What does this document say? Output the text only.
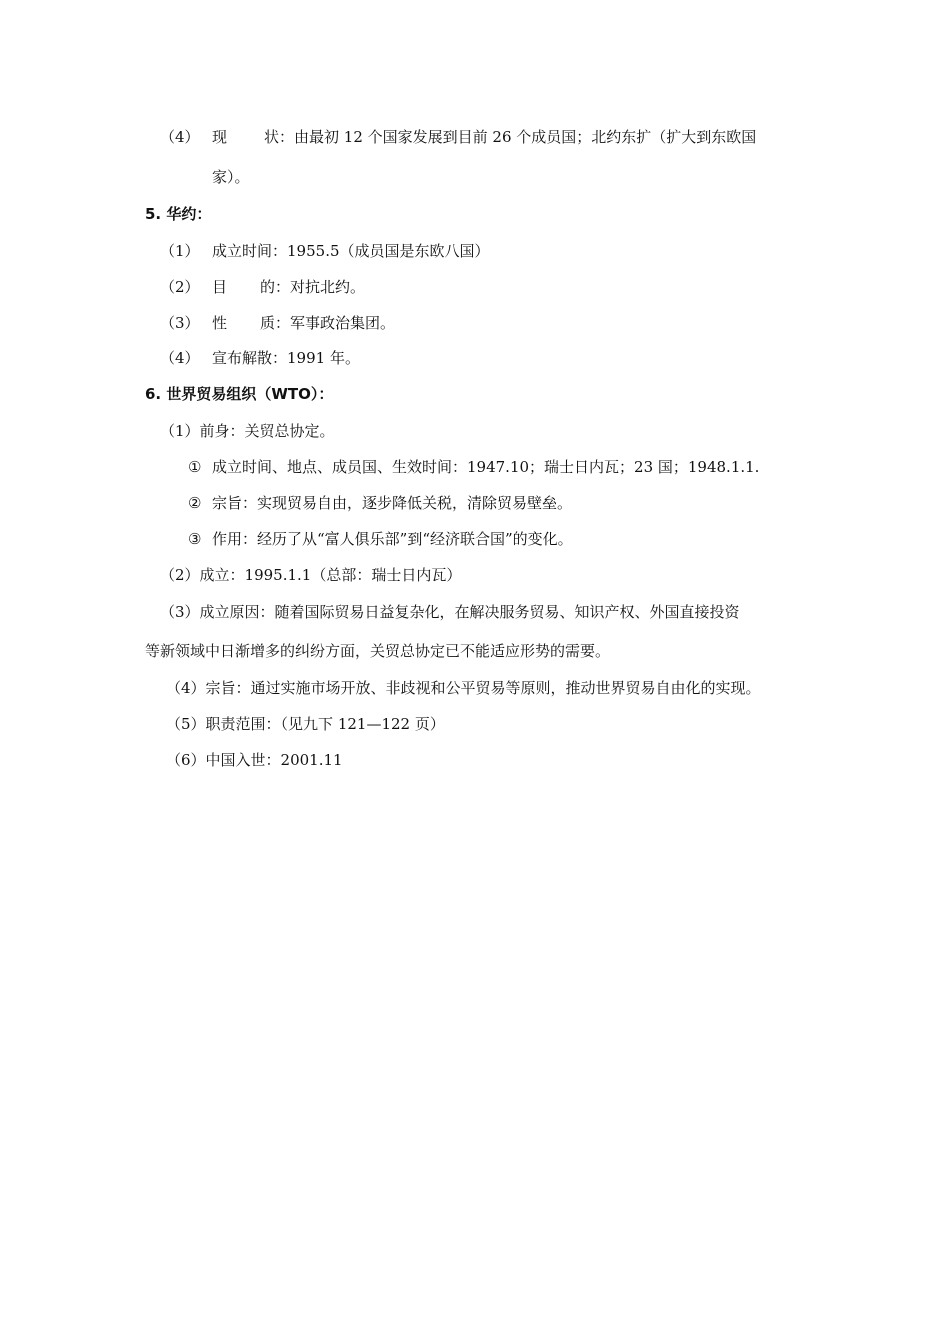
（4） 现 状：由最初 12 个国家发展到目前 26 个成员国；北约东扩（扩大到东欧国
家）。
5. 华约：
（1） 成立时间：1955.5（成员国是东欧八国）
（2） 目 的：对抗北约。
（3） 性 质：军事政治集团。
（4） 宣布解散：1991 年。
6. 世界贸易组织（WTO）：
（1）前身：关贸总协定。
① 成立时间、地点、成员国、生效时间：1947.10；瑞士日内瓦；23 国；1948.1.1.
② 宗旨：实现贸易自由，逐步降低关税，清除贸易壁垒。
③ 作用：经历了从“富人俱乐部”到“经济联合国”的变化。
（2）成立：1995.1.1（总部：瑞士日内瓦）
（3）成立原因：随着国际贸易日益复杂化，在解决服务贸易、知识产权、外国直接投资
等新领域中日渐增多的纠纷方面，关贸总协定已不能适应形势的需要。
（4）宗旨：通过实施市场开放、非歧视和公平贸易等原则，推动世界贸易自由化的实现。
（5）职责范围：（见九下 121—122 页）
（6）中国入世：2001.11
